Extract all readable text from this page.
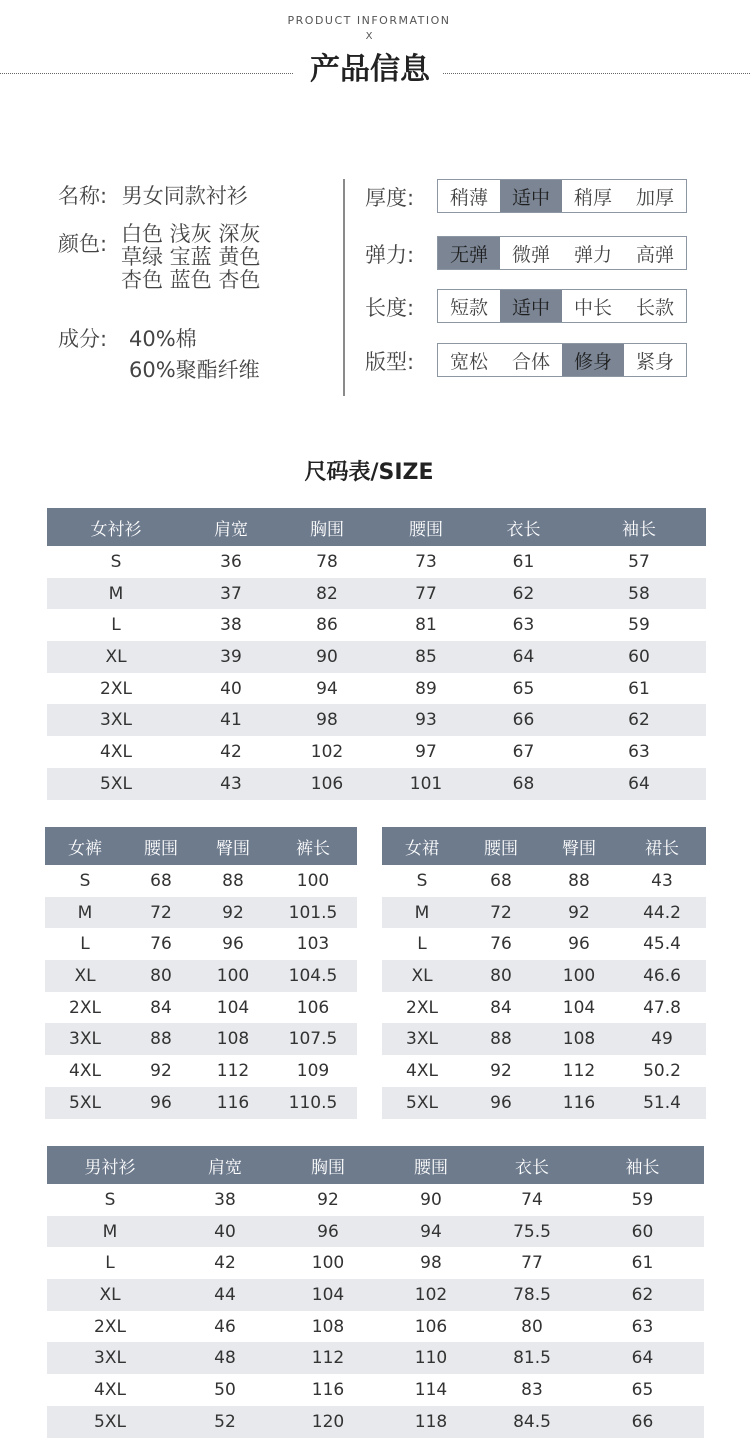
PRODUCT INFORMATION
X
产品信息
名称: 男女同款衬衫
颜色: 白色 浅灰 深灰
草绿 宝蓝 黄色
杏色 蓝色 杏色
成分: 40%棉
60%聚酯纤维
厚度:	稍薄	适中	稍厚	加厚
弹力:	无弹	微弹	弹力	高弹
长度:	短款	适中	中长	长款
版型:	宽松	合体	修身	紧身
尺码表/SIZE
女衬衫	肩宽	胸围	腰围	衣长	袖长
S	36	78	73	61	57
M	37	82	77	62	58
L	38	86	81	63	59
XL	39	90	85	64	60
2XL	40	94	89	65	61
3XL	41	98	93	66	62
4XL	42	102	97	67	63
5XL	43	106	101	68	64
女裤	腰围	臀围	裤长
S	68	88	100
M	72	92	101.5
L	76	96	103
XL	80	100	104.5
2XL	84	104	106
3XL	88	108	107.5
4XL	92	112	109
5XL	96	116	110.5
女裙	腰围	臀围	裙长
S	68	88	43
M	72	92	44.2
L	76	96	45.4
XL	80	100	46.6
2XL	84	104	47.8
3XL	88	108	49
4XL	92	112	50.2
5XL	96	116	51.4
男衬衫	肩宽	胸围	腰围	衣长	袖长
S	38	92	90	74	59
M	40	96	94	75.5	60
L	42	100	98	77	61
XL	44	104	102	78.5	62
2XL	46	108	106	80	63
3XL	48	112	110	81.5	64
4XL	50	116	114	83	65
5XL	52	120	118	84.5	66
